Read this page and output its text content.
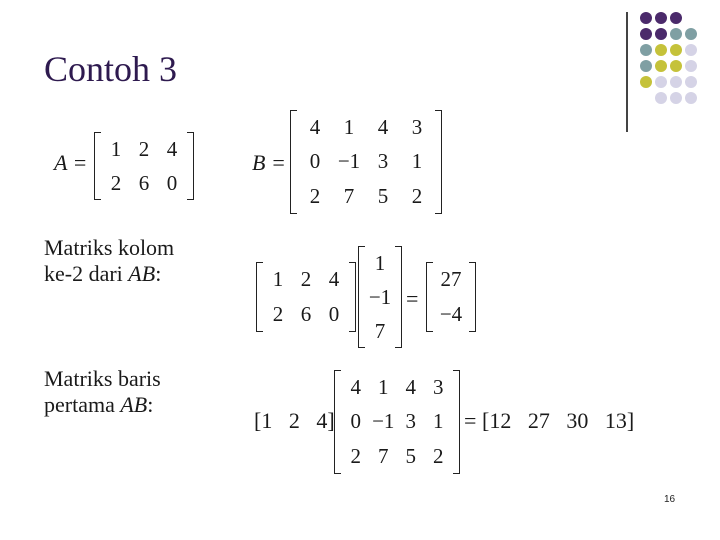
Contoh 3
A =
1 2 4
2 6 0
B =
4 1 4 3
0 −1 3 1
2 7 5 2
Matriks kolom
ke-2 dari AB:	1 2 4
2 6 0
1
−1
7
=
27
−4
Matriks baris
pertama AB:
[1   2   4]
4 1 4 3
0 −1 3 1
2 7 5 2
= [12   27   30   13]
16
